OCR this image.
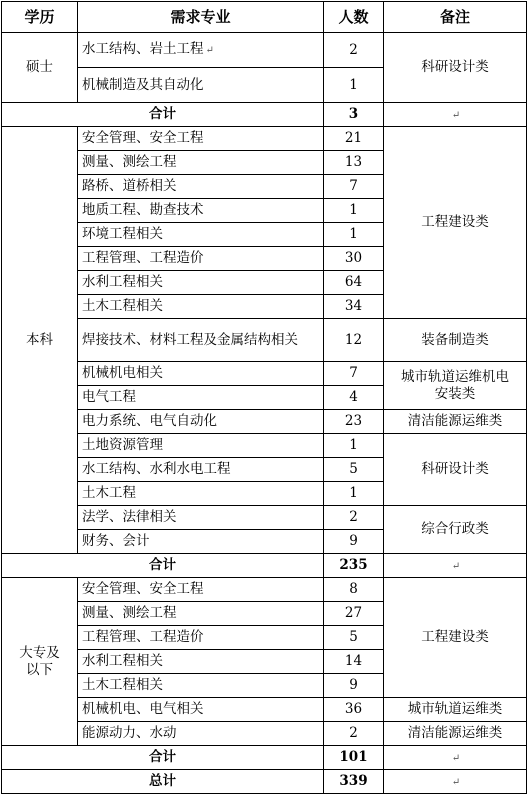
学历	需求专业	人数	备注
硕士	水工结构、岩土工程 ↵	2	科研设计类
	机械制造及其自动化	1	
合计		3	↵
本科	安全管理、安全工程	21	工程建设类
	测量、测绘工程	13	
	路桥、道桥相关	7	
	地质工程、勘查技术	1	
	环境工程相关	1	
	工程管理、工程造价	30	
	水利工程相关	64	
	土木工程相关	34	
	焊接技术、材料工程及金属结构相关	12	装备制造类
	机械机电相关	7	城市轨道运维机电安装类
	电气工程	4	
	电力系统、电气自动化	23	清洁能源运维类
	土地资源管理	1	科研设计类
	水工结构、水利水电工程	5	
	土木工程	1	
	法学、法律相关	2	综合行政类
	财务、会计	9	
合计		235	↵
大专及以下	安全管理、安全工程	8	工程建设类
	测量、测绘工程	27	
	工程管理、工程造价	5	
	水利工程相关	14	
	土木工程相关	9	
	机械机电、电气相关	36	城市轨道运维类
	能源动力、水动	2	清洁能源运维类
合计		101	↵
总计		339	↵
